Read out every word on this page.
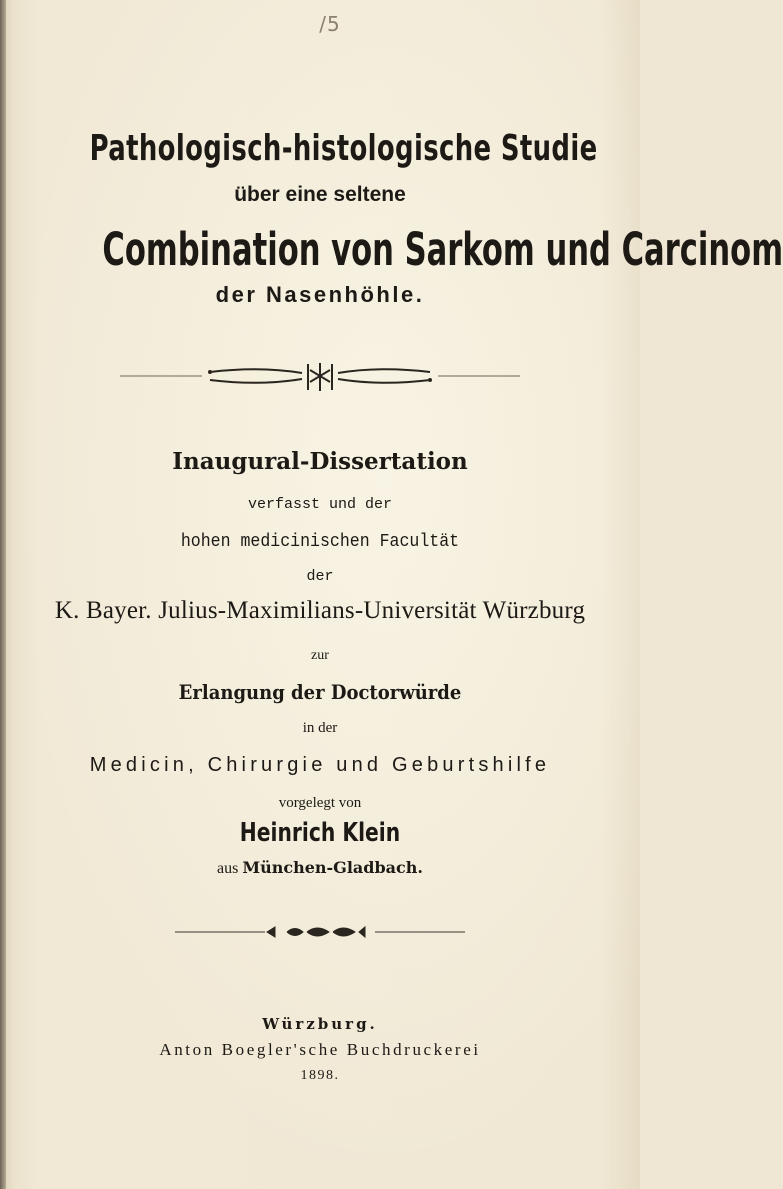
/5
Pathologisch-histologische Studie
über eine seltene
Combination von Sarkom und Carcinom
der Nasenhöhle.
Inaugural-Dissertation
verfasst und der
hohen medicinischen Facultät
der
K. Bayer. Julius-Maximilians-Universität Würzburg
zur
Erlangung der Doctorwürde
in der
Medicin, Chirurgie und Geburtshilfe
vorgelegt von
Heinrich Klein
aus München-Gladbach.
Würzburg.
Anton Boegler'sche Buchdruckerei
1898.
